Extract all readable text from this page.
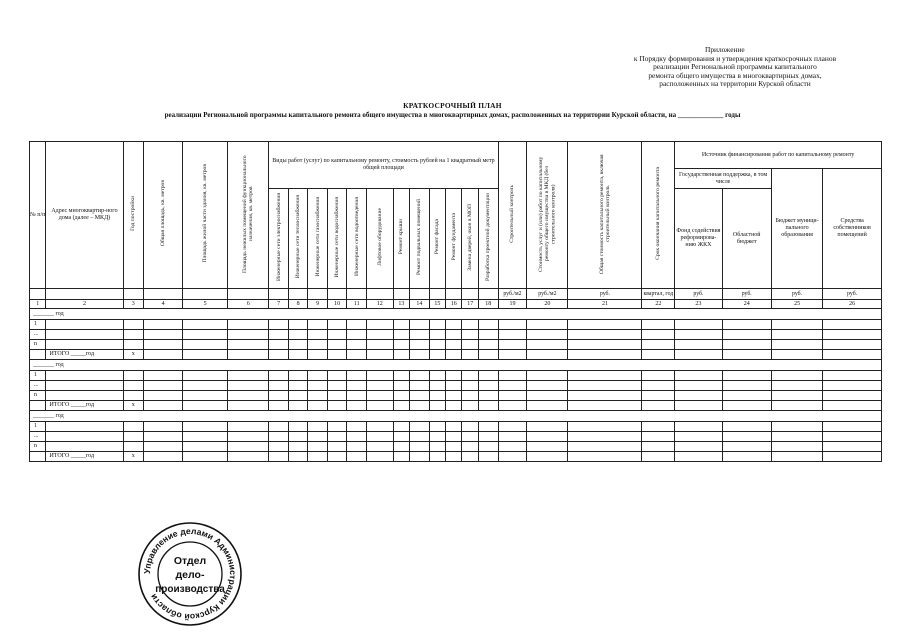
Приложение
к Порядку формирования и утверждения краткосрочных планов
реализации Региональной программы капитального
ремонта общего имущества в многоквартирных домах,
расположенных на территории Курской области
КРАТКОСРОЧНЫЙ ПЛАН
реализации Региональной программы капитального ремонта общего имущества в многоквартирных домах, расположенных на территории Курской области, на _____________ годы
№ п/п	Адрес многоквартир-ного дома (далее – МКД)	Год постройки	Общая площадь, кв. метров	Площадь жилой части здания, кв. метров	Площадь нежилых помещений функционального назначения, кв. метров	Виды работ (услуг) по капитальному ремонту, стоимость рублей на 1 квадратный метр общей площади												Строительный контроль	Стоимость услуг и (или) работ по капитальному ремонту общего имущества в МКД (без строительного контроля)	Общая стоимость капитального ремонта, включая строительный контроль	Срок окончания капитального ремонта	Источник финансирования работ по капитальному ремонту			
																						Государственная поддержка, в том числе		Бюджет муници-пального образования	Средства собственников помещений
						Инженерные сети электроснабжения	Инженерные сети теплоснабжения	Инженерные сети газоснабжения	Инженерные сети водоснабжения	Инженерные сети водоотведения	Лифтовое оборудование	Ремонт крыши	Ремонт подвальных помещений	Ремонт фасада	Ремонт фундамента	Замена дверей, окон в МОП	Разработка проектной документации					Фонд содействия реформирова-нию ЖКХ	Областной бюджет		
																		руб./м2	руб./м2	руб.	квартал, год	руб.	руб.	руб.	руб.
1	2	3	4	5	6	7	8	9	10	11	12	13	14	15	16	17	18	19	20	21	22	23	24	25	26
_______ год																									
1																									
...																									
n																									
	ИТОГО _____год	x																							
_______ год																									
1																									
...																									
n																									
	ИТОГО _____год	x																							
_______ год																									
1																									
...																									
n																									
	ИТОГО _____год	x																							
Управление делами Администрации Курской области
Отдел
дело-
производства
